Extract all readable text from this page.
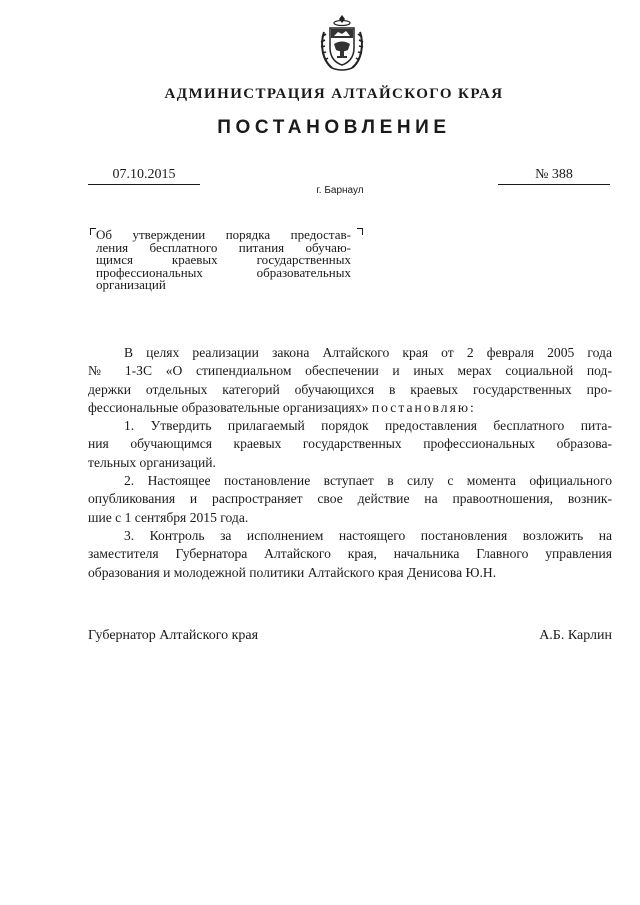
АДМИНИСТРАЦИЯ АЛТАЙСКОГО КРАЯ
ПОСТАНОВЛЕНИЕ
07.10.2015	№ 388
г. Барнаул
Об утверждении порядка предостав-
ления бесплатного питания обучаю-
щимся краевых государственных
профессиональных образовательных
организаций
В целях реализации закона Алтайского края от 2 февраля 2005 года
№ 1-ЗС «О стипендиальном обеспечении и иных мерах социальной под-
держки отдельных категорий обучающихся в краевых государственных про-
фессиональные образовательные организациях» постановляю:
1. Утвердить прилагаемый порядок предоставления бесплатного пита-
ния обучающимся краевых государственных профессиональных образова-
тельных организаций.
2. Настоящее постановление вступает в силу с момента официального
опубликования и распространяет свое действие на правоотношения, возник-
шие с 1 сентября 2015 года.
3. Контроль за исполнением настоящего постановления возложить на
заместителя Губернатора Алтайского края, начальника Главного управления
образования и молодежной политики Алтайского края Денисова Ю.Н.
Губернатор Алтайского края	А.Б. Карлин
